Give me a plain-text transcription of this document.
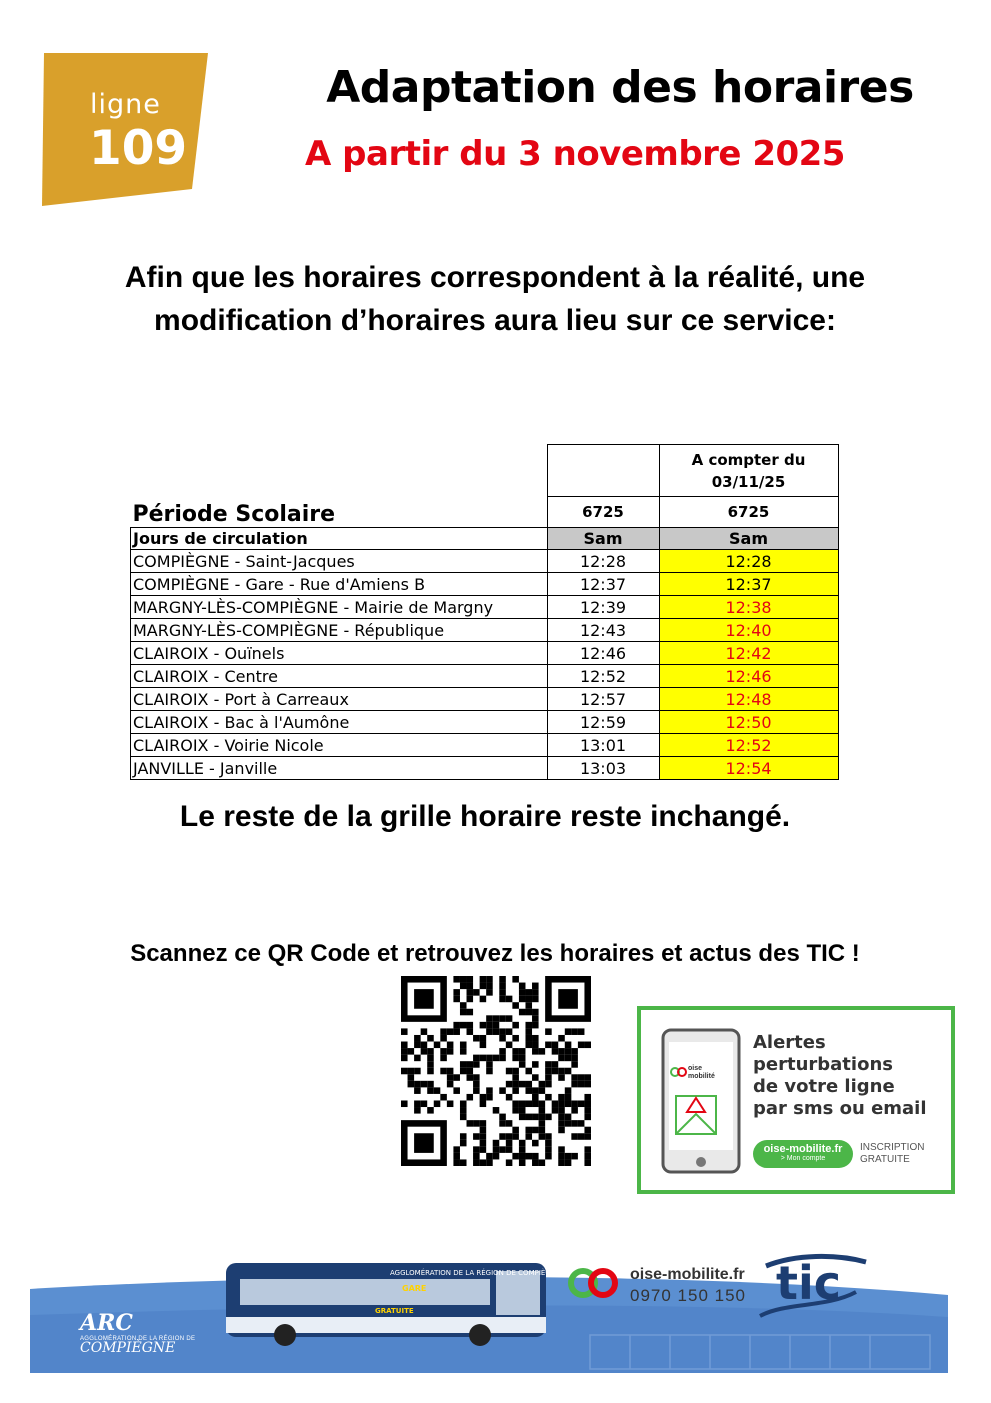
ligne
109
Adaptation des horaires
A partir du 3 novembre 2025
Afin que les horaires correspondent à la réalité, une modification d’horaires aura lieu sur ce service:
Période Scolaire		A compter du 03/11/25
	6725	6725
Jours de circulation	Sam	Sam
COMPIÈGNE - Saint-Jacques	12:28	12:28
COMPIÈGNE - Gare - Rue d'Amiens B	12:37	12:37
MARGNY-LÈS-COMPIÈGNE - Mairie de Margny	12:39	12:38
MARGNY-LÈS-COMPIÈGNE - République	12:43	12:40
CLAIROIX - Ouïnels	12:46	12:42
CLAIROIX - Centre	12:52	12:46
CLAIROIX - Port à Carreaux	12:57	12:48
CLAIROIX - Bac à l'Aumône	12:59	12:50
CLAIROIX - Voirie Nicole	13:01	12:52
JANVILLE - Janville	13:03	12:54
Le reste de la grille horaire reste inchangé.
Scannez ce QR Code et retrouvez les horaires et actus des TIC !
oise mobilité
Alertes
perturbations
de votre ligne
par sms ou email
oise-mobilite.fr
> Mon compte
INSCRIPTION
GRATUITE
AGGLOMÉRATION DE LA RÉGION DE COMPIÈGNE
GARE
GRATUITE
ARC
AGGLOMÉRATION DE LA RÉGION DE
COMPIÈGNE
oise-mobilite.fr
0970 150 150 tic
